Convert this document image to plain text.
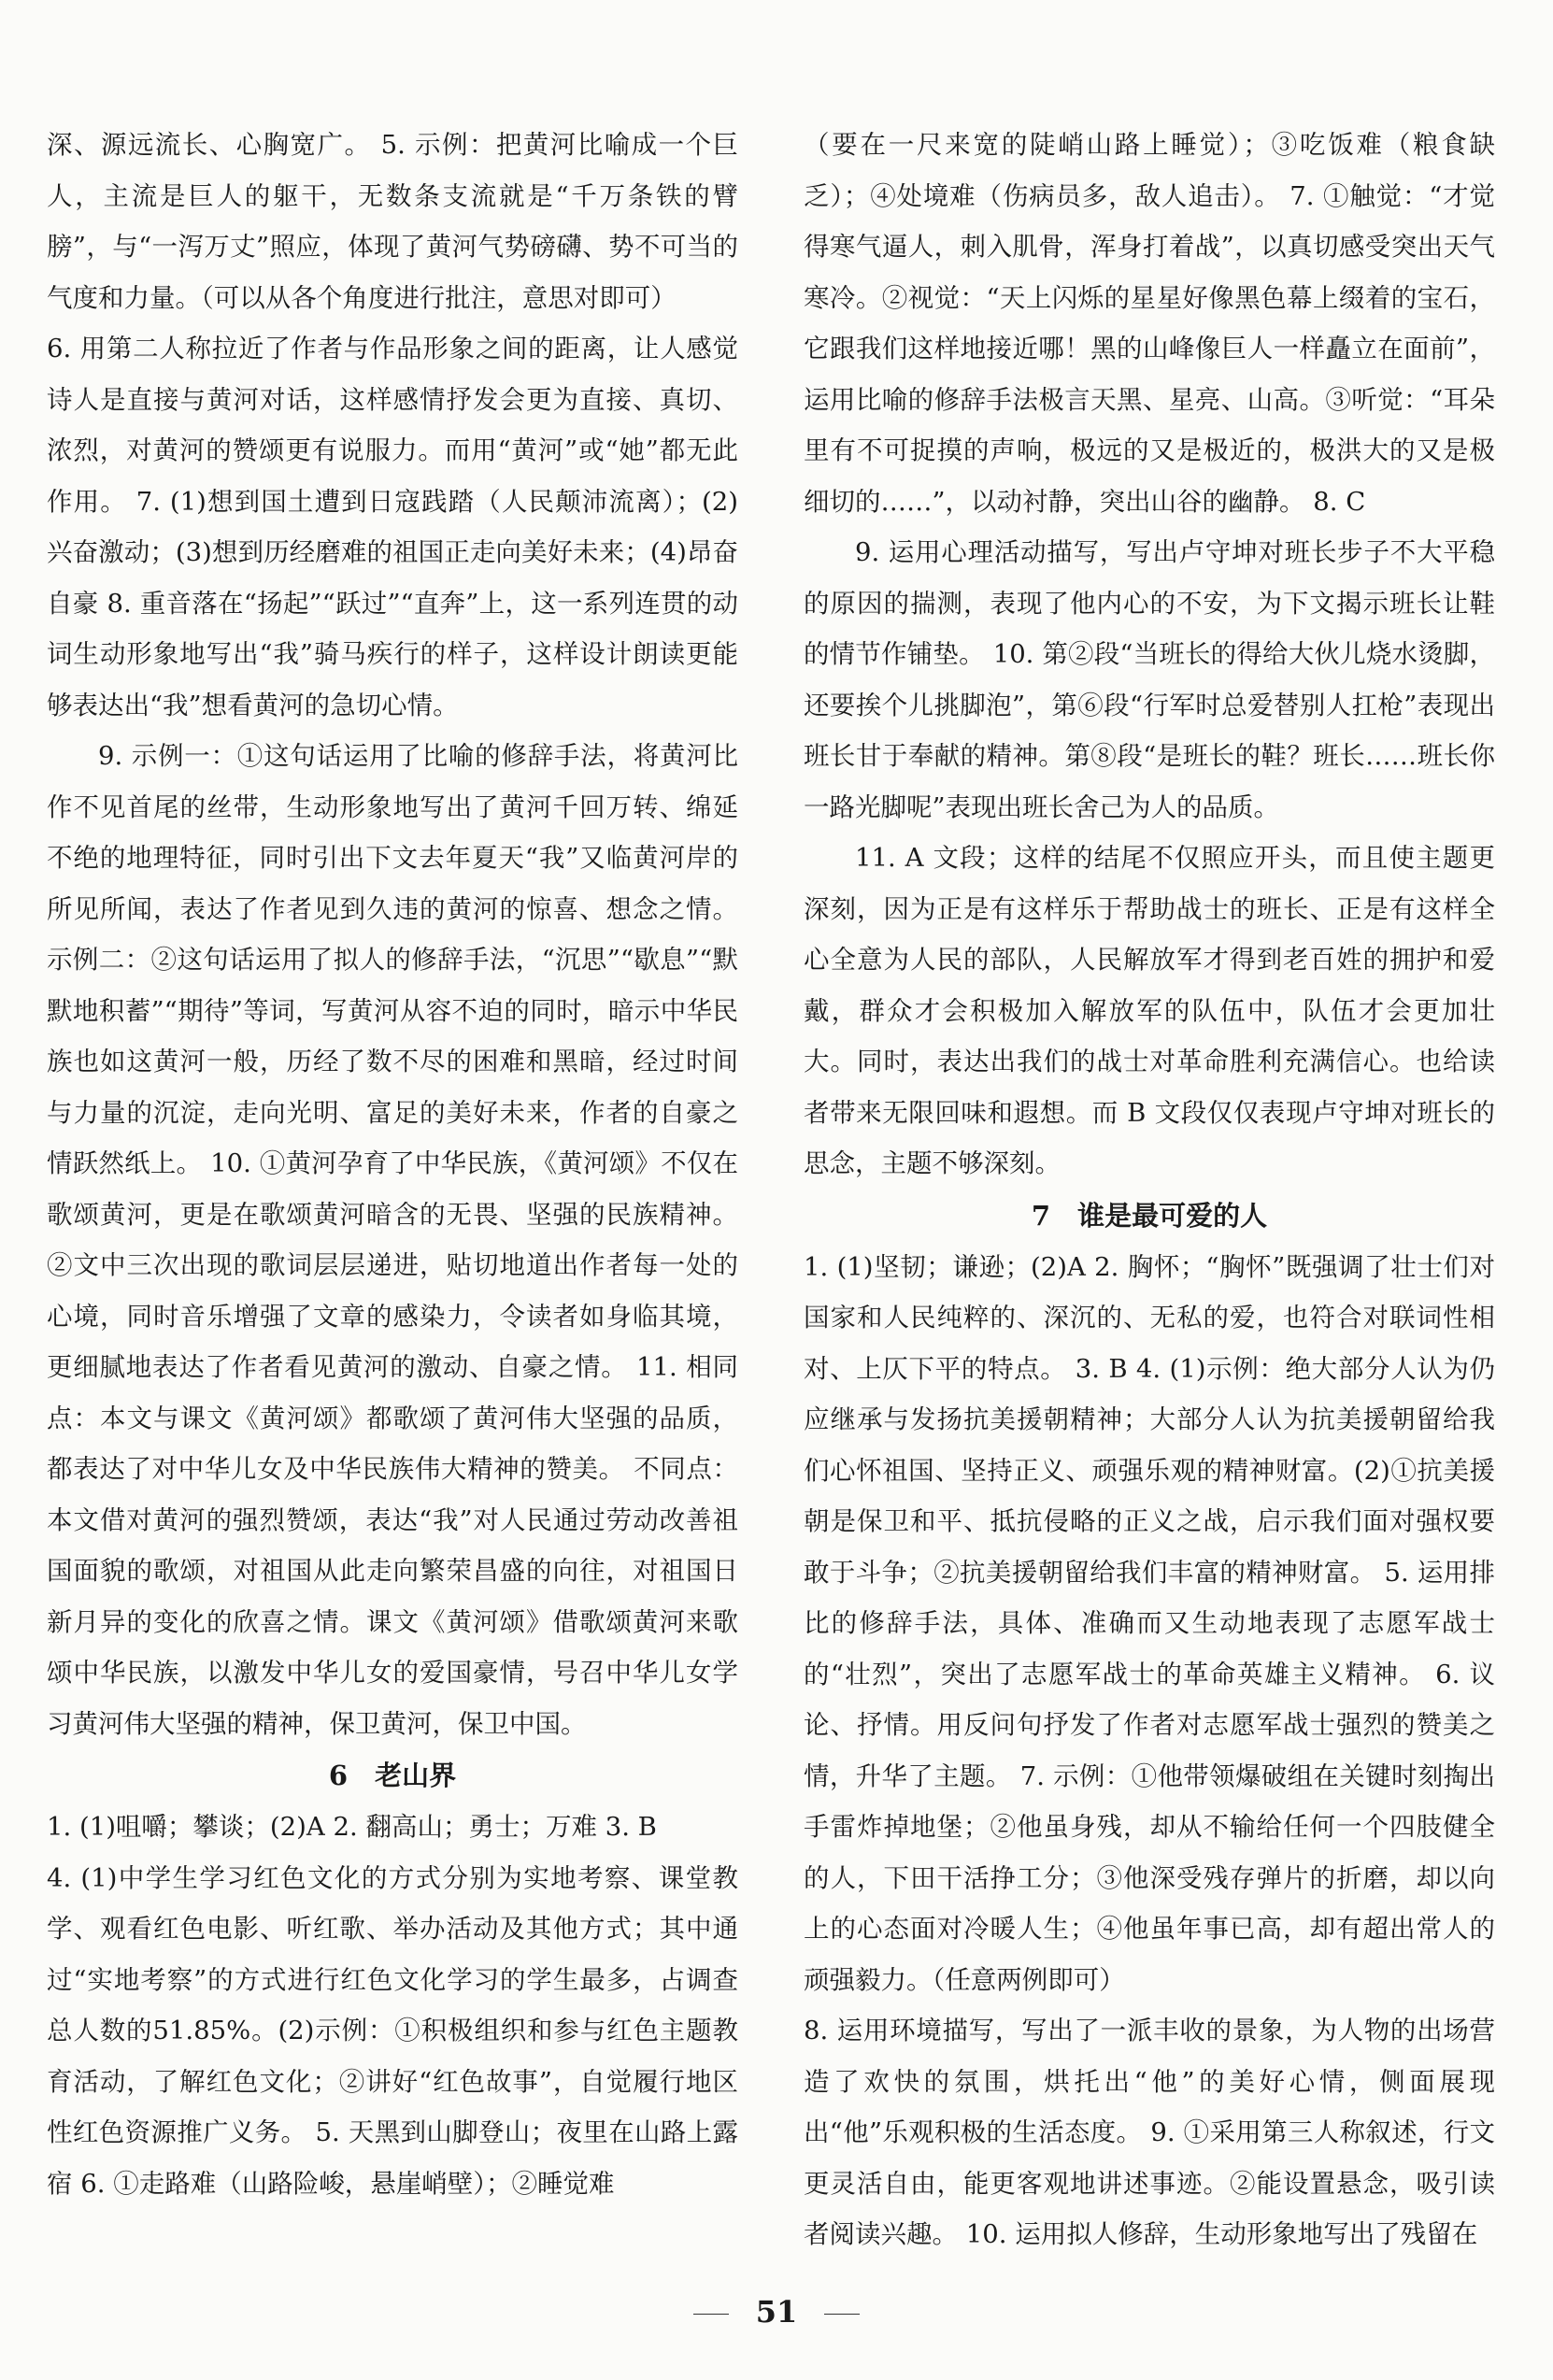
深、源远流长、心胸宽广。 5. 示例：把黄河比喻成一个巨人，主流是巨人的躯干，无数条支流就是“千万条铁的臂膀”，与“一泻万丈”照应，体现了黄河气势磅礴、势不可当的气度和力量。（可以从各个角度进行批注，意思对即可）

6. 用第二人称拉近了作者与作品形象之间的距离，让人感觉诗人是直接与黄河对话，这样感情抒发会更为直接、真切、浓烈，对黄河的赞颂更有说服力。而用“黄河”或“她”都无此作用。 7. (1)想到国土遭到日寇践踏（人民颠沛流离）；(2)兴奋激动；(3)想到历经磨难的祖国正走向美好未来；(4)昂奋自豪 8. 重音落在“扬起”“跃过”“直奔”上，这一系列连贯的动词生动形象地写出“我”骑马疾行的样子，这样设计朗读更能够表达出“我”想看黄河的急切心情。

9. 示例一：①这句话运用了比喻的修辞手法，将黄河比作不见首尾的丝带，生动形象地写出了黄河千回万转、绵延不绝的地理特征，同时引出下文去年夏天“我”又临黄河岸的所见所闻，表达了作者见到久违的黄河的惊喜、想念之情。 示例二：②这句话运用了拟人的修辞手法，“沉思”“歇息”“默默地积蓄”“期待”等词，写黄河从容不迫的同时，暗示中华民族也如这黄河一般，历经了数不尽的困难和黑暗，经过时间与力量的沉淀，走向光明、富足的美好未来，作者的自豪之情跃然纸上。 10. ①黄河孕育了中华民族，《黄河颂》不仅在歌颂黄河，更是在歌颂黄河暗含的无畏、坚强的民族精神。②文中三次出现的歌词层层递进，贴切地道出作者每一处的心境，同时音乐增强了文章的感染力，令读者如身临其境，更细腻地表达了作者看见黄河的激动、自豪之情。 11. 相同点：本文与课文《黄河颂》都歌颂了黄河伟大坚强的品质，都表达了对中华儿女及中华民族伟大精神的赞美。 不同点：本文借对黄河的强烈赞颂，表达“我”对人民通过劳动改善祖国面貌的歌颂，对祖国从此走向繁荣昌盛的向往，对祖国日新月异的变化的欣喜之情。课文《黄河颂》借歌颂黄河来歌颂中华民族，以激发中华儿女的爱国豪情，号召中华儿女学习黄河伟大坚强的精神，保卫黄河，保卫中国。

6　老山界

1. (1)咀嚼；攀谈；(2)A 2. 翻高山；勇士；万难 3. B

4. (1)中学生学习红色文化的方式分别为实地考察、课堂教学、观看红色电影、听红歌、举办活动及其他方式；其中通过“实地考察”的方式进行红色文化学习的学生最多，占调查总人数的51.85%。(2)示例：①积极组织和参与红色主题教育活动，了解红色文化；②讲好“红色故事”，自觉履行地区性红色资源推广义务。 5. 天黑到山脚登山；夜里在山路上露宿 6. ①走路难（山路险峻，悬崖峭壁）；②睡觉难

（要在一尺来宽的陡峭山路上睡觉）；③吃饭难（粮食缺乏）；④处境难（伤病员多，敌人追击）。 7. ①触觉：“才觉得寒气逼人，刺入肌骨，浑身打着战”，以真切感受突出天气寒冷。②视觉：“天上闪烁的星星好像黑色幕上缀着的宝石，它跟我们这样地接近哪！黑的山峰像巨人一样矗立在面前”，运用比喻的修辞手法极言天黑、星亮、山高。③听觉：“耳朵里有不可捉摸的声响，极远的又是极近的，极洪大的又是极细切的……”，以动衬静，突出山谷的幽静。 8. C

9. 运用心理活动描写，写出卢守坤对班长步子不大平稳的原因的揣测，表现了他内心的不安，为下文揭示班长让鞋的情节作铺垫。 10. 第②段“当班长的得给大伙儿烧水烫脚，还要挨个儿挑脚泡”，第⑥段“行军时总爱替别人扛枪”表现出班长甘于奉献的精神。第⑧段“是班长的鞋？班长……班长你一路光脚呢”表现出班长舍己为人的品质。

11. A 文段；这样的结尾不仅照应开头，而且使主题更深刻，因为正是有这样乐于帮助战士的班长、正是有这样全心全意为人民的部队，人民解放军才得到老百姓的拥护和爱戴，群众才会积极加入解放军的队伍中，队伍才会更加壮大。同时，表达出我们的战士对革命胜利充满信心。也给读者带来无限回味和遐想。而 B 文段仅仅表现卢守坤对班长的思念，主题不够深刻。

7　谁是最可爱的人

1. (1)坚韧；谦逊；(2)A 2. 胸怀；“胸怀”既强调了壮士们对国家和人民纯粹的、深沉的、无私的爱，也符合对联词性相对、上仄下平的特点。 3. B 4. (1)示例：绝大部分人认为仍应继承与发扬抗美援朝精神；大部分人认为抗美援朝留给我们心怀祖国、坚持正义、顽强乐观的精神财富。(2)①抗美援朝是保卫和平、抵抗侵略的正义之战，启示我们面对强权要敢于斗争；②抗美援朝留给我们丰富的精神财富。 5. 运用排比的修辞手法，具体、准确而又生动地表现了志愿军战士的“壮烈”，突出了志愿军战士的革命英雄主义精神。 6. 议论、抒情。用反问句抒发了作者对志愿军战士强烈的赞美之情，升华了主题。 7. 示例：①他带领爆破组在关键时刻掏出手雷炸掉地堡；②他虽身残，却从不输给任何一个四肢健全的人，下田干活挣工分；③他深受残存弹片的折磨，却以向上的心态面对冷暖人生；④他虽年事已高，却有超出常人的顽强毅力。（任意两例即可）

8. 运用环境描写，写出了一派丰收的景象，为人物的出场营造了欢快的氛围，烘托出“他”的美好心情，侧面展现出“他”乐观积极的生活态度。 9. ①采用第三人称叙述，行文更灵活自由，能更客观地讲述事迹。②能设置悬念，吸引读者阅读兴趣。 10. 运用拟人修辞，生动形象地写出了残留在

51
